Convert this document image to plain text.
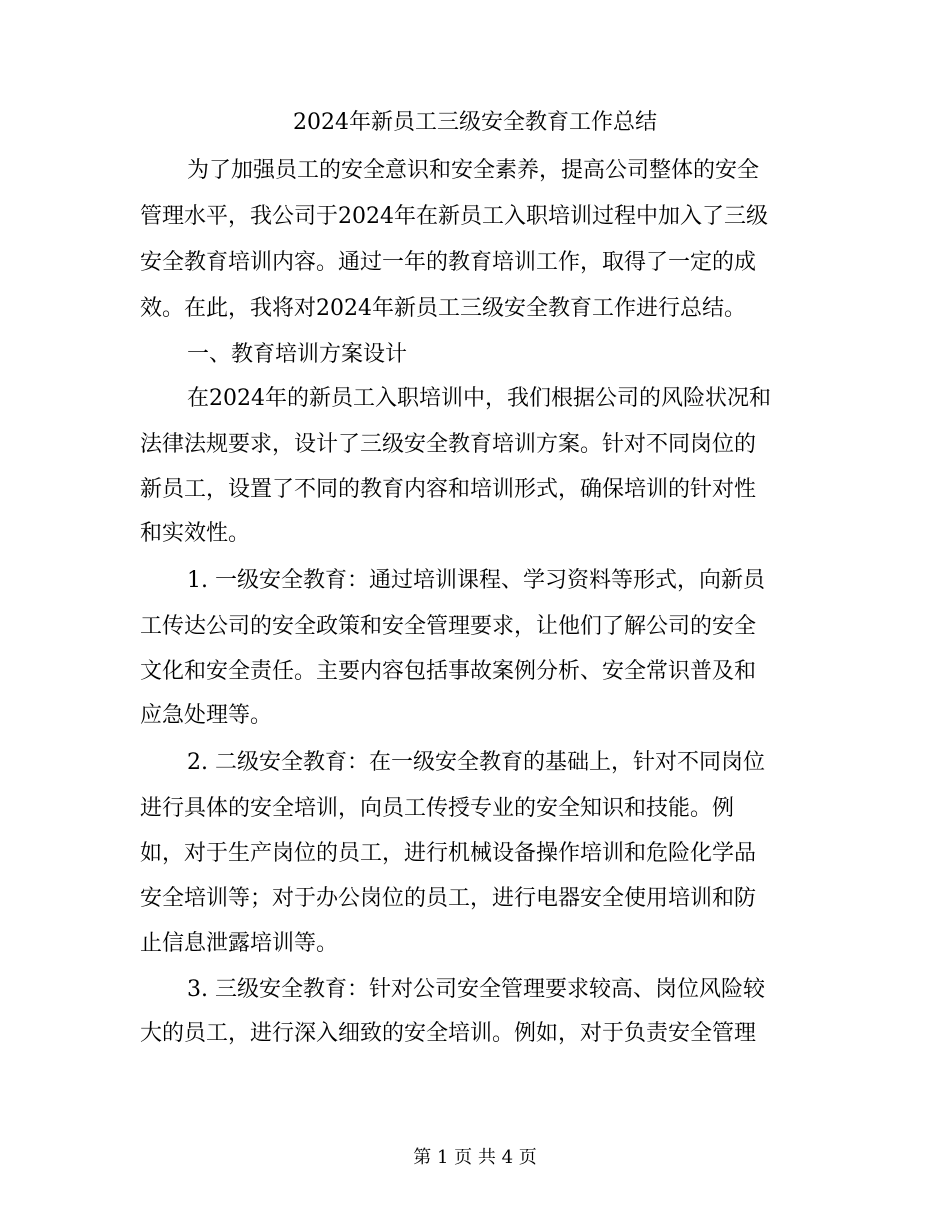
2024年新员工三级安全教育工作总结
为了加强员工的安全意识和安全素养，提高公司整体的安全
管理水平，我公司于2024年在新员工入职培训过程中加入了三级
安全教育培训内容。通过一年的教育培训工作，取得了一定的成
效。在此，我将对2024年新员工三级安全教育工作进行总结。
一、教育培训方案设计
在2024年的新员工入职培训中，我们根据公司的风险状况和
法律法规要求，设计了三级安全教育培训方案。针对不同岗位的
新员工，设置了不同的教育内容和培训形式，确保培训的针对性
和实效性。
1. 一级安全教育：通过培训课程、学习资料等形式，向新员
工传达公司的安全政策和安全管理要求，让他们了解公司的安全
文化和安全责任。主要内容包括事故案例分析、安全常识普及和
应急处理等。
2. 二级安全教育：在一级安全教育的基础上，针对不同岗位
进行具体的安全培训，向员工传授专业的安全知识和技能。例
如，对于生产岗位的员工，进行机械设备操作培训和危险化学品
安全培训等；对于办公岗位的员工，进行电器安全使用培训和防
止信息泄露培训等。
3. 三级安全教育：针对公司安全管理要求较高、岗位风险较
大的员工，进行深入细致的安全培训。例如，对于负责安全管理
第 1 页 共 4 页
